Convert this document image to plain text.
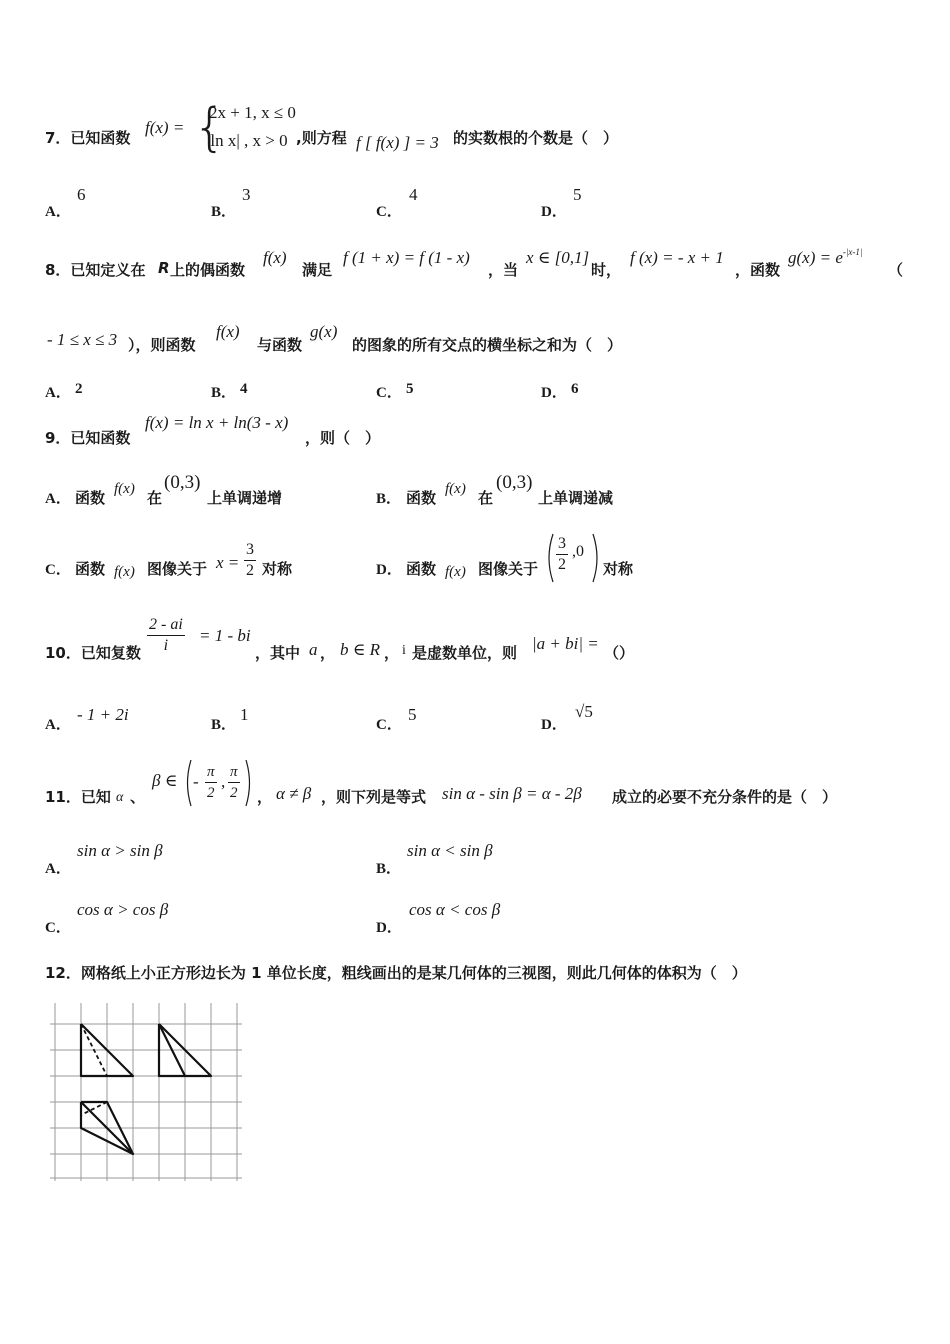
7．已知函数
f(x) = {
2x + 1, x ≤ 0
|ln x| , x > 0 ,则方程 f [ f(x) ] = 3 的实数根的个数是（　）
A．
6
B．
3
C．
4
D．
5
8．已知定义在 R 上的偶函数
f(x)
满足
f (1 + x) = f (1 - x)
，当
x ∈ [0,1]
时，
f (x) = - x + 1
，函数
$g(x) = e^{-|x-1|}$
（
- 1 ≤ x ≤ 3 ），则函数
f(x)
与函数
g(x)
的图象的所有交点的横坐标之和为（　）
A． 2	B． 4	C． 5	D． 6
9．已知函数
f(x) = ln x + ln(3 - x)
，则（　）
A． 函数 f(x) 在
(0,3)
上单调递增	B． 函数 f(x) 在
(0,3)
上单调递减
C． 函数 f(x) 图像关于 $x = \frac{3}{2}$ 对称	D． 函数 f(x) 图像关于 $\frac{3}{2} ,0$
对称
10．已知复数 $\frac{2 - ai}{i} = 1$ - bi
，其中 a ， b ∈ R ， i 是虚数单位，则 |a + bi| = （）
A．
- 1 + 2i
B．
1
C．
5
D．
√5
11．已知 α 、
β ∈ - $\frac{\pi}{2}$ , $\frac{\pi}{2}$ ， α ≠ β ，则下列是等式 sin α - sin β = α - 2β 成立的必要不充分条件的是（　）
A．
sin α > sin β
B．
sin α < sin β
C．
cos α > cos β
D．
cos α < cos β
12．网格纸上小正方形边长为 1 单位长度，粗线画出的是某几何体的三视图，则此几何体的体积为（　）
